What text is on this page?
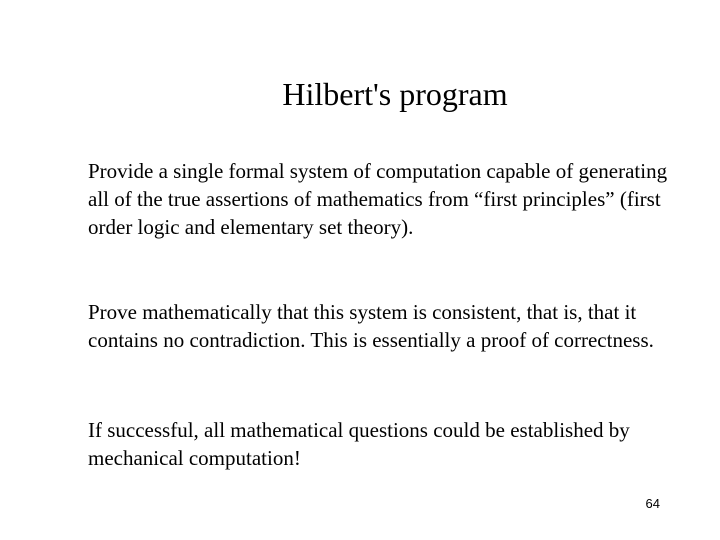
Hilbert's program

Provide a single formal system of computation capable of generating all of the true assertions of mathematics from “first principles” (first order logic and elementary set theory).

Prove mathematically that this system is consistent, that is, that it contains no contradiction. This is essentially a proof of correctness.

If successful, all mathematical questions could be established by mechanical computation!

64
